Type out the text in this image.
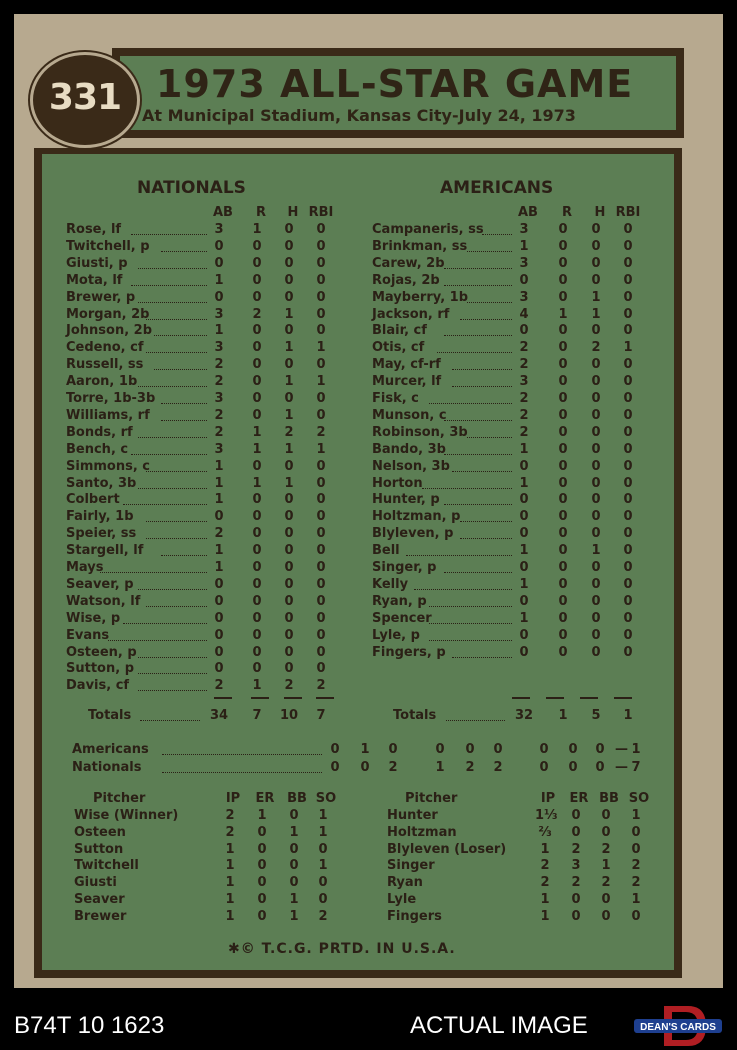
1973 ALL-STAR GAME
At Municipal Stadium, Kansas City-July 24, 1973
331
NATIONALS
AB	R	H RBI
Rose, lf	3	1	0	0
Twitchell, p	0	0	0	0
Giusti, p	0	0	0	0
Mota, lf	1	0	0	0
Brewer, p	0	0	0	0
Morgan, 2b	3	2	1	0
Johnson, 2b	1	0	0	0
Cedeno, cf	3	0	1	1
Russell, ss	2	0	0	0
Aaron, 1b	2	0	1	1
Torre, 1b-3b	3	0	0	0
Williams, rf	2	0	1	0
Bonds, rf	2	1	2	2
Bench, c	3	1	1	1
Simmons, c	1	0	0	0
Santo, 3b	1	1	1	0
Colbert	1	0	0	0
Fairly, 1b	0	0	0	0
Speier, ss	2	0	0	0
Stargell, lf	1	0	0	0
Mays	1	0	0	0
Seaver, p	0	0	0	0
Watson, lf	0	0	0	0
Wise, p	0	0	0	0
Evans	0	0	0	0
Osteen, p	0	0	0	0
Sutton, p	0	0	0	0
Davis, cf	2	1	2	2
Totals	34	7	10	7
AMERICANS
AB	R	H RBI
Campaneris, ss	3	0	0	0
Brinkman, ss	1	0	0	0
Carew, 2b	3	0	0	0
Rojas, 2b	0	0	0	0
Mayberry, 1b	3	0	1	0
Jackson, rf	4	1	1	0
Blair, cf	0	0	0	0
Otis, cf	2	0	2	1
May, cf-rf	2	0	0	0
Murcer, lf	3	0	0	0
Fisk, c	2	0	0	0
Munson, c	2	0	0	0
Robinson, 3b	2	0	0	0
Bando, 3b	1	0	0	0
Nelson, 3b	0	0	0	0
Horton	1	0	0	0
Hunter, p	0	0	0	0
Holtzman, p	0	0	0	0
Blyleven, p	0	0	0	0
Bell	1	0	1	0
Singer, p	0	0	0	0
Kelly	1	0	0	0
Ryan, p	0	0	0	0
Spencer	1	0	0	0
Lyle, p	0	0	0	0
Fingers, p	0	0	0	0
Totals	32	1	5	1
Americans	0	1	0	0	0	0	0	0	0 — 1
Nationals	0	0	2	1	2	2	0	0	0 — 7
Pitcher	IP	ER BB SO
Wise (Winner)	2	1	0	1
Osteen	2	0	1	1
Sutton	1	0	0	0
Twitchell	1	0	0	1
Giusti	1	0	0	0
Seaver	1	0	1	0
Brewer	1	0	1	2
Pitcher	IP	ER BB SO
Hunter	1⅓	0	0	1
Holtzman	⅔	0	0	0
Blyleven (Loser)	1	2	2	0
Singer	2	3	1	2
Ryan	2	2	2	2
Lyle	1	0	0	1
Fingers	1	0	0	0
✱© T.C.G. PRTD. IN U.S.A.
B74T 10 1623	ACTUAL IMAGE	DEAN'S CARDS
